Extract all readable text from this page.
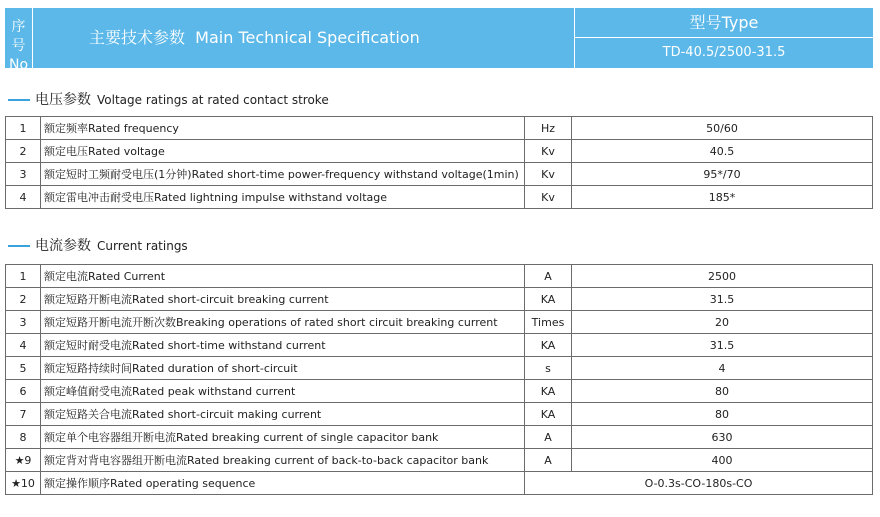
序号
No
主要技术参数  Main Technical Specification
型号Type
TD-40.5/2500-31.5
电压参数 Voltage ratings at rated contact stroke
1	额定频率Rated frequency	Hz	50/60
2	额定电压Rated voltage	Kv	40.5
3	额定短时工频耐受电压(1分钟)Rated short-time power-frequency withstand voltage(1min)	Kv	95*/70
4	额定雷电冲击耐受电压Rated lightning impulse withstand voltage	Kv	185*
电流参数 Current ratings
1	额定电流Rated Current	A	2500
2	额定短路开断电流Rated short-circuit breaking current	KA	31.5
3	额定短路开断电流开断次数Breaking operations of rated short circuit breaking current	Times	20
4	额定短时耐受电流Rated short-time withstand current	KA	31.5
5	额定短路持续时间Rated duration of short-circuit	s	4
6	额定峰值耐受电流Rated peak withstand current	KA	80
7	额定短路关合电流Rated short-circuit making current	KA	80
8	额定单个电容器组开断电流Rated breaking current of single capacitor bank	A	630
★9	额定背对背电容器组开断电流Rated breaking current of back-to-back capacitor bank	A	400
★10	额定操作顺序Rated operating sequence	O-0.3s-CO-180s-CO	
